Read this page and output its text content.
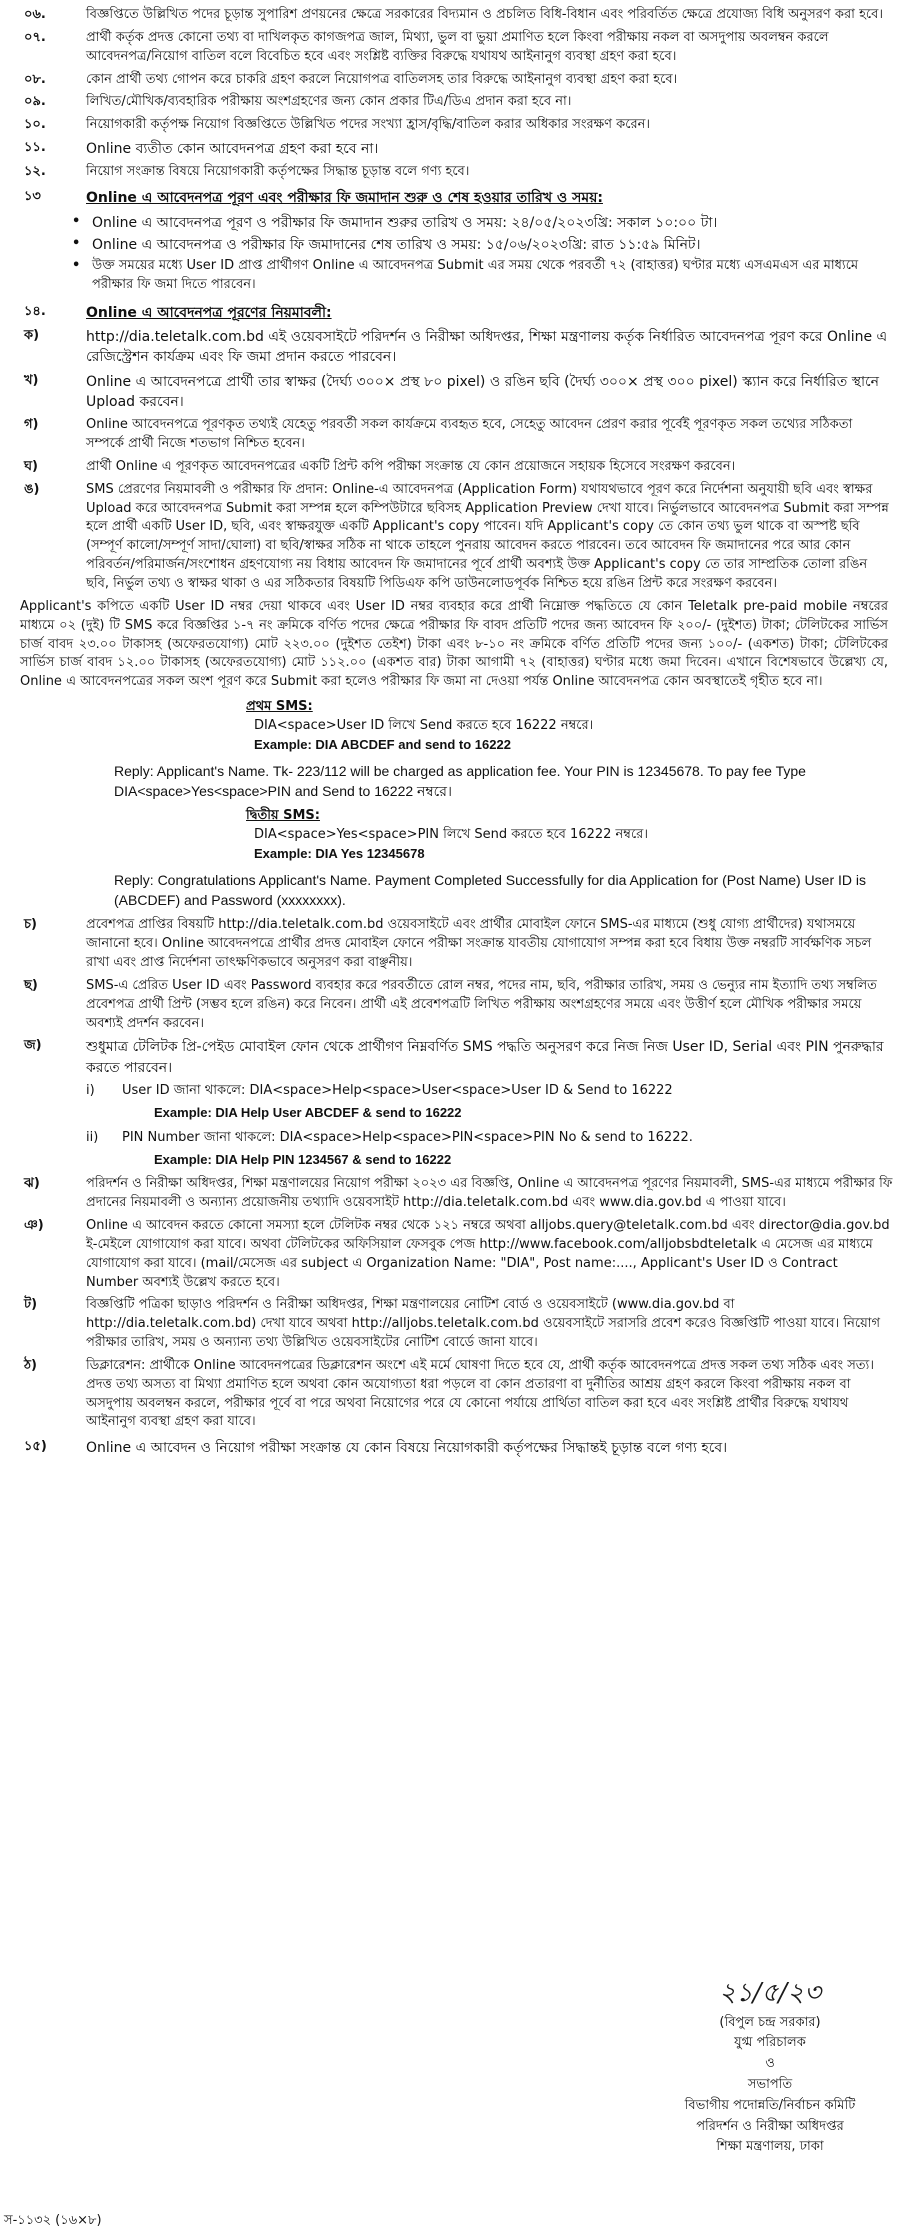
০৬.	বিজ্ঞপ্তিতে উল্লিখিত পদের চূড়ান্ত সুপারিশ প্রণয়নের ক্ষেত্রে সরকারের বিদ্যমান ও প্রচলিত বিধি-বিধান এবং পরিবর্তিত ক্ষেত্রে প্রযোজ্য বিধি অনুসরণ করা হবে।
০৭.	প্রার্থী কর্তৃক প্রদত্ত কোনো তথ্য বা দাখিলকৃত কাগজপত্র জাল, মিথ্যা, ভুল বা ভুয়া প্রমাণিত হলে কিংবা পরীক্ষায় নকল বা অসদুপায় অবলম্বন করলে আবেদনপত্র/নিয়োগ বাতিল বলে বিবেচিত হবে এবং সংশ্লিষ্ট ব্যক্তির বিরুদ্ধে যথাযথ আইনানুগ ব্যবস্থা গ্রহণ করা হবে।
০৮.	কোন প্রার্থী তথ্য গোপন করে চাকরি গ্রহণ করলে নিয়োগপত্র বাতিলসহ তার বিরুদ্ধে আইনানুগ ব্যবস্থা গ্রহণ করা হবে।
০৯.	লিখিত/মৌখিক/ব্যবহারিক পরীক্ষায় অংশগ্রহণের জন্য কোন প্রকার টিএ/ডিএ প্রদান করা হবে না।
১০.	নিয়োগকারী কর্তৃপক্ষ নিয়োগ বিজ্ঞপ্তিতে উল্লিখিত পদের সংখ্যা হ্রাস/বৃদ্ধি/বাতিল করার অধিকার সংরক্ষণ করেন।
১১.	Online ব্যতীত কোন আবেদনপত্র গ্রহণ করা হবে না।
১২.	নিয়োগ সংক্রান্ত বিষয়ে নিয়োগকারী কর্তৃপক্ষের সিদ্ধান্ত চূড়ান্ত বলে গণ্য হবে।
১৩	Online এ আবেদনপত্র পূরণ এবং পরীক্ষার ফি জমাদান শুরু ও শেষ হওয়ার তারিখ ও সময়:
• Online এ আবেদনপত্র পূরণ ও পরীক্ষার ফি জমাদান শুরুর তারিখ ও সময়: ২৪/০৫/২০২৩খ্রি: সকাল ১০:০০ টা।
• Online এ আবেদনপত্র ও পরীক্ষার ফি জমাদানের শেষ তারিখ ও সময়: ১৫/০৬/২০২৩খ্রি: রাত ১১:৫৯ মিনিট।
• উক্ত সময়ের মধ্যে User ID প্রাপ্ত প্রার্থীগণ Online এ আবেদনপত্র Submit এর সময় থেকে পরবর্তী ৭২ (বাহাত্তর) ঘণ্টার মধ্যে এসএমএস এর মাধ্যমে পরীক্ষার ফি জমা দিতে পারবেন।
১৪.	Online এ আবেদনপত্র পূরণের নিয়মাবলী:
ক)	http://dia.teletalk.com.bd এই ওয়েবসাইটে পরিদর্শন ও নিরীক্ষা অধিদপ্তর, শিক্ষা মন্ত্রণালয় কর্তৃক নির্ধারিত আবেদনপত্র পূরণ করে Online এ রেজিস্ট্রেশন কার্যক্রম এবং ফি জমা প্রদান করতে পারবেন।
খ)	Online এ আবেদনপত্রে প্রার্থী তার স্বাক্ষর (দৈর্ঘ্য ৩০০× প্রস্থ ৮০ pixel) ও রঙিন ছবি (দৈর্ঘ্য ৩০০× প্রস্থ ৩০০ pixel) স্ক্যান করে নির্ধারিত স্থানে Upload করবেন।
গ)	Online আবেদনপত্রে পূরণকৃত তথ্যই যেহেতু পরবর্তী সকল কার্যক্রমে ব্যবহৃত হবে, সেহেতু আবেদন প্রেরণ করার পূর্বেই পূরণকৃত সকল তথ্যের সঠিকতা সম্পর্কে প্রার্থী নিজে শতভাগ নিশ্চিত হবেন।
ঘ)	প্রার্থী Online এ পূরণকৃত আবেদনপত্রের একটি প্রিন্ট কপি পরীক্ষা সংক্রান্ত যে কোন প্রয়োজনে সহায়ক হিসেবে সংরক্ষণ করবেন।
ঙ)	SMS প্রেরণের নিয়মাবলী ও পরীক্ষার ফি প্রদান: Online-এ আবেদনপত্র (Application Form) যথাযথভাবে পূরণ করে নির্দেশনা অনুযায়ী ছবি এবং স্বাক্ষর Upload করে আবেদনপত্র Submit করা সম্পন্ন হলে কম্পিউটারে ছবিসহ Application Preview দেখা যাবে। নির্ভুলভাবে আবেদনপত্র Submit করা সম্পন্ন হলে প্রার্থী একটি User ID, ছবি, এবং স্বাক্ষরযুক্ত একটি Applicant's copy পাবেন। যদি Applicant's copy তে কোন তথ্য ভুল থাকে বা অস্পষ্ট ছবি (সম্পূর্ণ কালো/সম্পূর্ণ সাদা/ঘোলা) বা ছবি/স্বাক্ষর সঠিক না থাকে তাহলে পুনরায় আবেদন করতে পারবেন। তবে আবেদন ফি জমাদানের পরে আর কোন পরিবর্তন/পরিমার্জন/সংশোধন গ্রহণযোগ্য নয় বিধায় আবেদন ফি জমাদানের পূর্বে প্রার্থী অবশ্যই উক্ত Applicant's copy তে তার সাম্প্রতিক তোলা রঙিন ছবি, নির্ভুল তথ্য ও স্বাক্ষর থাকা ও এর সঠিকতার বিষয়টি পিডিএফ কপি ডাউনলোডপূর্বক নিশ্চিত হয়ে রঙিন প্রিন্ট করে সংরক্ষণ করবেন।
Applicant's কপিতে একটি User ID নম্বর দেয়া থাকবে এবং User ID নম্বর ব্যবহার করে প্রার্থী নিম্নোক্ত পদ্ধতিতে যে কোন Teletalk pre-paid mobile নম্বরের মাধ্যমে ০২ (দুই) টি SMS করে বিজ্ঞপ্তির ১-৭ নং ক্রমিকে বর্ণিত পদের ক্ষেত্রে পরীক্ষার ফি বাবদ প্রতিটি পদের জন্য আবেদন ফি ২০০/- (দুইশত) টাকা; টেলিটকের সার্ভিস চার্জ বাবদ ২৩.০০ টাকাসহ (অফেরতযোগ্য) মোট ২২৩.০০ (দুইশত তেইশ) টাকা এবং ৮-১০ নং ক্রমিকে বর্ণিত প্রতিটি পদের জন্য ১০০/- (একশত) টাকা; টেলিটকের সার্ভিস চার্জ বাবদ ১২.০০ টাকাসহ (অফেরতযোগ্য) মোট ১১২.০০ (একশত বার) টাকা আগামী ৭২ (বাহাত্তর) ঘণ্টার মধ্যে জমা দিবেন। এখানে বিশেষভাবে উল্লেখ্য যে, Online এ আবেদনপত্রের সকল অংশ পূরণ করে Submit করা হলেও পরীক্ষার ফি জমা না দেওয়া পর্যন্ত Online আবেদনপত্র কোন অবস্থাতেই গৃহীত হবে না।
প্রথম SMS:
DIA<space>User ID লিখে Send করতে হবে 16222 নম্বরে।
Example: DIA ABCDEF and send to 16222
Reply: Applicant's Name. Tk- 223/112 will be charged as application fee. Your PIN is 12345678. To pay fee Type DIA<space>Yes<space>PIN and Send to 16222 নম্বরে।
দ্বিতীয় SMS:
DIA<space>Yes<space>PIN লিখে Send করতে হবে 16222 নম্বরে।
Example: DIA Yes 12345678
Reply: Congratulations Applicant's Name. Payment Completed Successfully for dia Application for (Post Name) User ID is (ABCDEF) and Password (xxxxxxxx).
চ)	প্রবেশপত্র প্রাপ্তির বিষয়টি http://dia.teletalk.com.bd ওয়েবসাইটে এবং প্রার্থীর মোবাইল ফোনে SMS-এর মাধ্যমে (শুধু যোগ্য প্রার্থীদের) যথাসময়ে জানানো হবে। Online আবেদনপত্রে প্রার্থীর প্রদত্ত মোবাইল ফোনে পরীক্ষা সংক্রান্ত যাবতীয় যোগাযোগ সম্পন্ন করা হবে বিধায় উক্ত নম্বরটি সার্বক্ষণিক সচল রাখা এবং প্রাপ্ত নির্দেশনা তাৎক্ষণিকভাবে অনুসরণ করা বাঞ্ছনীয়।
ছ)	SMS-এ প্রেরিত User ID এবং Password ব্যবহার করে পরবর্তীতে রোল নম্বর, পদের নাম, ছবি, পরীক্ষার তারিখ, সময় ও ভেন্যুর নাম ইত্যাদি তথ্য সম্বলিত প্রবেশপত্র প্রার্থী প্রিন্ট (সম্ভব হলে রঙিন) করে নিবেন। প্রার্থী এই প্রবেশপত্রটি লিখিত পরীক্ষায় অংশগ্রহণের সময়ে এবং উত্তীর্ণ হলে মৌখিক পরীক্ষার সময়ে অবশ্যই প্রদর্শন করবেন।
জ)	শুধুমাত্র টেলিটক প্রি-পেইড মোবাইল ফোন থেকে প্রার্থীগণ নিম্নবর্ণিত SMS পদ্ধতি অনুসরণ করে নিজ নিজ User ID, Serial এবং PIN পুনরুদ্ধার করতে পারবেন।
i)	User ID জানা থাকলে: DIA<space>Help<space>User<space>User ID & Send to 16222
Example: DIA Help User ABCDEF & send to 16222
ii)	PIN Number জানা থাকলে: DIA<space>Help<space>PIN<space>PIN No & send to 16222.
Example: DIA Help PIN 1234567 & send to 16222
ঝ)	পরিদর্শন ও নিরীক্ষা অধিদপ্তর, শিক্ষা মন্ত্রণালয়ের নিয়োগ পরীক্ষা ২০২৩ এর বিজ্ঞপ্তি, Online এ আবেদনপত্র পূরণের নিয়মাবলী, SMS-এর মাধ্যমে পরীক্ষার ফি প্রদানের নিয়মাবলী ও অন্যান্য প্রয়োজনীয় তথ্যাদি ওয়েবসাইট http://dia.teletalk.com.bd এবং www.dia.gov.bd এ পাওয়া যাবে।
ঞ)	Online এ আবেদন করতে কোনো সমস্যা হলে টেলিটক নম্বর থেকে ১২১ নম্বরে অথবা alljobs.query@teletalk.com.bd এবং director@dia.gov.bd ই-মেইলে যোগাযোগ করা যাবে। অথবা টেলিটকের অফিসিয়াল ফেসবুক পেজ http://www.facebook.com/alljobsbdteletalk এ মেসেজ এর মাধ্যমে যোগাযোগ করা যাবে। (mail/মেসেজ এর subject এ Organization Name: "DIA", Post name:...., Applicant's User ID ও Contract Number অবশ্যই উল্লেখ করতে হবে।
ট)	বিজ্ঞপ্তিটি পত্রিকা ছাড়াও পরিদর্শন ও নিরীক্ষা অধিদপ্তর, শিক্ষা মন্ত্রণালয়ের নোটিশ বোর্ড ও ওয়েবসাইটে (www.dia.gov.bd বা http://dia.teletalk.com.bd) দেখা যাবে অথবা http://alljobs.teletalk.com.bd ওয়েবসাইটে সরাসরি প্রবেশ করেও বিজ্ঞপ্তিটি পাওয়া যাবে। নিয়োগ পরীক্ষার তারিখ, সময় ও অন্যান্য তথ্য উল্লিখিত ওয়েবসাইটের নোটিশ বোর্ডে জানা যাবে।
ঠ)	ডিক্লারেশন: প্রার্থীকে Online আবেদনপত্রের ডিক্লারেশন অংশে এই মর্মে ঘোষণা দিতে হবে যে, প্রার্থী কর্তৃক আবেদনপত্রে প্রদত্ত সকল তথ্য সঠিক এবং সত্য। প্রদত্ত তথ্য অসত্য বা মিথ্যা প্রমাণিত হলে অথবা কোন অযোগ্যতা ধরা পড়লে বা কোন প্রতারণা বা দুর্নীতির আশ্রয় গ্রহণ করলে কিংবা পরীক্ষায় নকল বা অসদুপায় অবলম্বন করলে, পরীক্ষার পূর্বে বা পরে অথবা নিয়োগের পরে যে কোনো পর্যায়ে প্রার্থিতা বাতিল করা হবে এবং সংশ্লিষ্ট প্রার্থীর বিরুদ্ধে যথাযথ আইনানুগ ব্যবস্থা গ্রহণ করা যাবে।
১৫)	Online এ আবেদন ও নিয়োগ পরীক্ষা সংক্রান্ত যে কোন বিষয়ে নিয়োগকারী কর্তৃপক্ষের সিদ্ধান্তই চূড়ান্ত বলে গণ্য হবে।
২১/৫/২৩
(বিপুল চন্দ্র সরকার)
যুগ্ম পরিচালক
ও
সভাপতি
বিভাগীয় পদোন্নতি/নির্বাচন কমিটি
পরিদর্শন ও নিরীক্ষা অধিদপ্তর
শিক্ষা মন্ত্রণালয়, ঢাকা
স-১১৩২ (১৬×৮)
